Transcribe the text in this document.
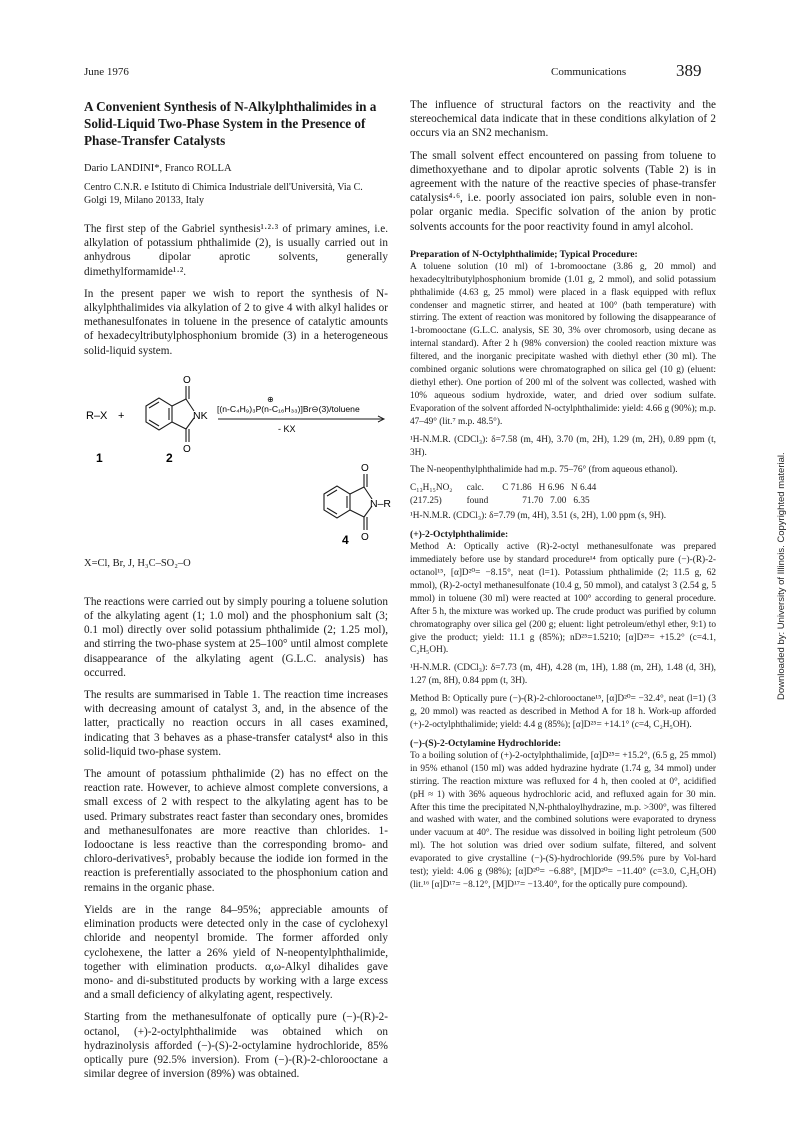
June 1976	Communications	389

A Convenient Synthesis of N-Alkylphthalimides in a Solid-Liquid Two-Phase System in the Presence of Phase-Transfer Catalysts

Dario LANDINI*, Franco ROLLA

Centro C.N.R. e Istituto di Chimica Industriale dell'Università, Via C. Golgi 19, Milano 20133, Italy

The first step of the Gabriel synthesis¹·²·³ of primary amines, i.e. alkylation of potassium phthalimide (2), is usually carried out in anhydrous dipolar aprotic solvents, generally dimethylformamide¹·².

In the present paper we wish to report the synthesis of N-alkylphthalimides via alkylation of 2 to give 4 with alkyl halides or methanesulfonates in toluene in the presence of catalytic amounts of hexadecyltributylphosphonium bromide (3) in a heterogeneous solid-liquid system.

R–X +
O
O
NK
⊕
[(n-C₄H₉)₃P(n-C₁₆H₃₃)]Br⊖(3)/toluene
- KX
1	2
O
O
N–R
4

X=Cl, Br, J, H₃C–SO₂–O

The reactions were carried out by simply pouring a toluene solution of the alkylating agent (1; 1.0 mol) and the phosphonium salt (3; 0.1 mol) directly over solid potassium phthalimide (2; 1.25 mol), and stirring the two-phase system at 25–100° until almost complete disappearance of the alkylating agent (G.L.C. analysis) has occurred.

The results are summarised in Table 1. The reaction time increases with decreasing amount of catalyst 3, and, in the absence of the latter, practically no reaction occurs in all cases examined, indicating that 3 behaves as a phase-transfer catalyst⁴ also in this solid-liquid two-phase system.

The amount of potassium phthalimide (2) has no effect on the reaction rate. However, to achieve almost complete conversions, a small excess of 2 with respect to the alkylating agent has to be used. Primary substrates react faster than secondary ones, bromides and methanesulfonates are more reactive than chlorides. 1-Iodooctane is less reactive than the corresponding bromo- and chloro-derivatives⁵, probably because the iodide ion formed in the reaction is preferentially associated to the phosphonium cation and remains in the organic phase.

Yields are in the range 84–95%; appreciable amounts of elimination products were detected only in the case of cyclohexyl chloride and neopentyl bromide. The former afforded only cyclohexene, the latter a 26% yield of N-neopentylphthalimide, together with elimination products. α,ω-Alkyl dihalides gave mono- and di-substituted products by working with a large excess and a small deficiency of alkylating agent, respectively.

Starting from the methanesulfonate of optically pure (−)-(R)-2-octanol, (+)-2-octylphthalimide was obtained which on hydrazinolysis afforded (−)-(S)-2-octylamine hydrochloride, 85% optically pure (92.5% inversion). From (−)-(R)-2-chlorooctane a similar degree of inversion (89%) was obtained.

The influence of structural factors on the reactivity and the stereochemical data indicate that in these conditions alkylation of 2 occurs via an SN2 mechanism.

The small solvent effect encountered on passing from toluene to dimethoxyethane and to dipolar aprotic solvents (Table 2) is in agreement with the nature of the reactive species of phase-transfer catalysis⁴·⁶, i.e. poorly associated ion pairs, soluble even in non-polar organic media. Specific solvation of the anion by protic solvents accounts for the poor reactivity found in amyl alcohol.

Preparation of N-Octylphthalimide; Typical Procedure:

A toluene solution (10 ml) of 1-bromooctane (3.86 g, 20 mmol) and hexadecyltributylphosphonium bromide (1.01 g, 2 mmol), and solid potassium phthalimide (4.63 g, 25 mmol) were placed in a flask equipped with reflux condenser and magnetic stirrer, and heated at 100° (bath temperature) with stirring. The extent of reaction was monitored by following the disappearance of 1-bromooctane (G.L.C. analysis, SE 30, 3% over chromosorb, using decane as internal standard). After 2 h (98% conversion) the cooled reaction mixture was filtered, and the inorganic precipitate washed with diethyl ether (30 ml). The combined organic solutions were chromatographed on silica gel (10 g) (eluent: diethyl ether). One portion of 200 ml of the solvent was collected, washed with 10% aqueous sodium hydroxide, water, and dried over sodium sulfate. Evaporation of the solvent afforded N-octylphthalimide: yield: 4.66 g (90%); m.p. 47–49° (lit.⁷ m.p. 48.5°).

¹H-N.M.R. (CDCl₃): δ=7.58 (m, 4H), 3.70 (m, 2H), 1.29 (m, 2H), 0.89 ppm (t, 3H).

The N-neopenthylphthalimide had m.p. 75–76° (from aqueous ethanol).

C₁₃H₁₅NO₂	calc.	C 71.86   H 6.96   N 6.44
(217.25)	found	71.70   7.00   6.35

¹H-N.M.R. (CDCl₃): δ=7.79 (m, 4H), 3.51 (s, 2H), 1.00 ppm (s, 9H).

(+)-2-Octylphthalimide:

Method A: Optically active (R)-2-octyl methanesulfonate was prepared immediately before use by standard procedure¹⁴ from optically pure (−)-(R)-2-octanol¹⁵, [α]D²⁰= −8.15°, neat (l=1). Potassium phthalimide (2; 11.5 g, 62 mmol), (R)-2-octyl methanesulfonate (10.4 g, 50 mmol), and catalyst 3 (2.54 g, 5 mmol) in toluene (30 ml) were reacted at 100° according to general procedure. After 5 h, the mixture was worked up. The crude product was purified by column chromatography over silica gel (200 g; eluent: light petroleum/ethyl ether, 9:1) to give the product; yield: 11.1 g (85%); nD²⁵=1.5210; [α]D²⁵= +15.2° (c=4.1, C₂H₅OH).

¹H-N.M.R. (CDCl₃): δ=7.73 (m, 4H), 4.28 (m, 1H), 1.88 (m, 2H), 1.48 (d, 3H), 1.27 (m, 8H), 0.84 ppm (t, 3H).

Method B: Optically pure (−)-(R)-2-chlorooctane¹⁵, [α]D²⁰= −32.4°, neat (l=1) (3 g, 20 mmol) was reacted as described in Method A for 18 h. Work-up afforded (+)-2-octylphthalimide; yield: 4.4 g (85%); [α]D²⁵= +14.1° (c=4, C₂H₅OH).

(−)-(S)-2-Octylamine Hydrochloride:

To a boiling solution of (+)-2-octylphthalimide, [α]D²⁵= +15.2°, (6.5 g, 25 mmol) in 95% ethanol (150 ml) was added hydrazine hydrate (1.74 g, 34 mmol) under stirring. The reaction mixture was refluxed for 4 h, then cooled at 0°, acidified (pH ≈ 1) with 36% aqueous hydrochloric acid, and refluxed again for 30 min. After this time the precipitated N,N-phthaloylhydrazine, m.p. >300°, was filtered and washed with water, and the combined solutions were evaporated to dryness under vacuum at 40°. The residue was dissolved in boiling light petroleum (500 ml). The hot solution was dried over sodium sulfate, filtered, and solvent evaporated to give crystalline (−)-(S)-hydrochloride (99.5% pure by Vol-hard test); yield: 4.06 g (98%); [α]D²⁰= −6.88°, [M]D²⁰= −11.40° (c=3.0, C₂H₅OH) (lit.¹⁶ [α]D¹⁷= −8.12°, [M]D¹⁷= −13.40°, for the optically pure compound).

Downloaded by: University of Illinois. Copyrighted material.
